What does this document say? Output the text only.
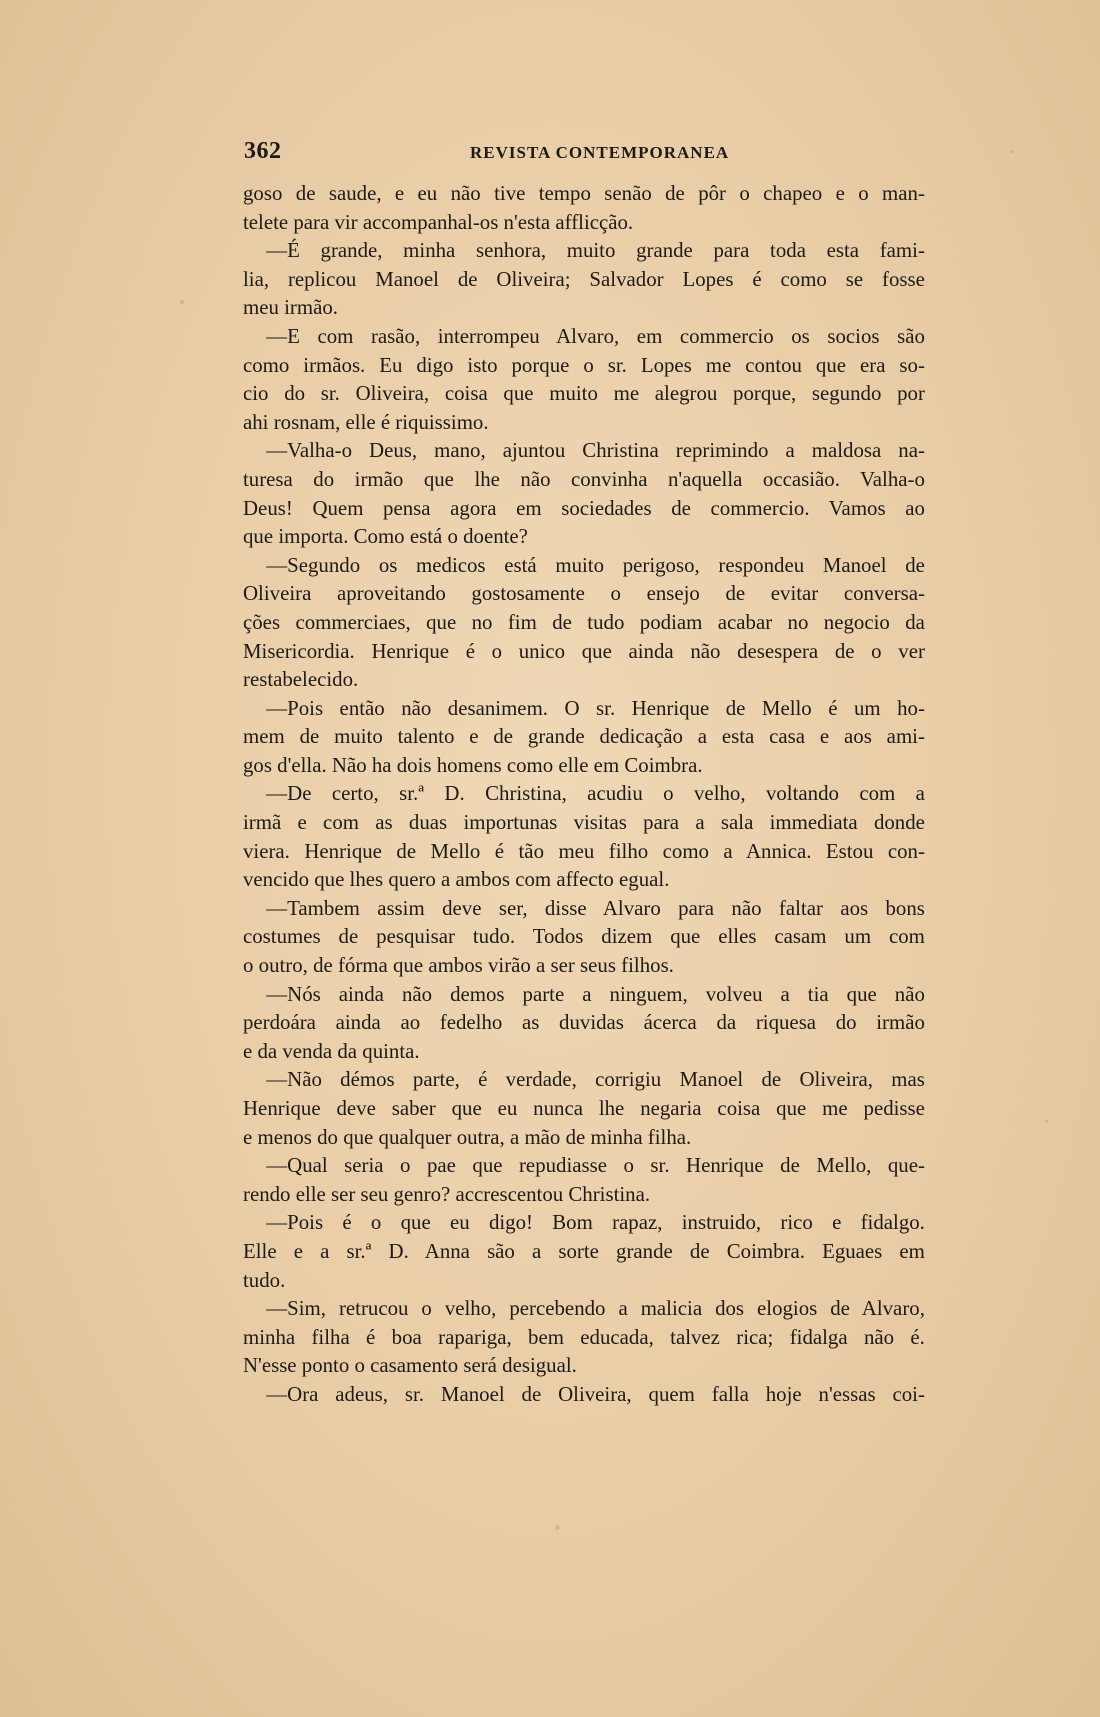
362	REVISTA CONTEMPORANEA
goso de saude, e eu não tive tempo senão de pôr o chapeo e o man-
telete para vir accompanhal-os n'esta afflicção.
—É grande, minha senhora, muito grande para toda esta fami-
lia, replicou Manoel de Oliveira; Salvador Lopes é como se fosse
meu irmão.
—E com rasão, interrompeu Alvaro, em commercio os socios são
como irmãos. Eu digo isto porque o sr. Lopes me contou que era so-
cio do sr. Oliveira, coisa que muito me alegrou porque, segundo por
ahi rosnam, elle é riquissimo.
—Valha-o Deus, mano, ajuntou Christina reprimindo a maldosa na-
turesa do irmão que lhe não convinha n'aquella occasião. Valha-o
Deus! Quem pensa agora em sociedades de commercio. Vamos ao
que importa. Como está o doente?
—Segundo os medicos está muito perigoso, respondeu Manoel de
Oliveira aproveitando gostosamente o ensejo de evitar conversa-
ções commerciaes, que no fim de tudo podiam acabar no negocio da
Misericordia. Henrique é o unico que ainda não desespera de o ver
restabelecido.
—Pois então não desanimem. O sr. Henrique de Mello é um ho-
mem de muito talento e de grande dedicação a esta casa e aos ami-
gos d'ella. Não ha dois homens como elle em Coimbra.
—De certo, sr.ª D. Christina, acudiu o velho, voltando com a
irmã e com as duas importunas visitas para a sala immediata donde
viera. Henrique de Mello é tão meu filho como a Annica. Estou con-
vencido que lhes quero a ambos com affecto egual.
—Tambem assim deve ser, disse Alvaro para não faltar aos bons
costumes de pesquisar tudo. Todos dizem que elles casam um com
o outro, de fórma que ambos virão a ser seus filhos.
—Nós ainda não demos parte a ninguem, volveu a tia que não
perdoára ainda ao fedelho as duvidas ácerca da riquesa do irmão
e da venda da quinta.
—Não démos parte, é verdade, corrigiu Manoel de Oliveira, mas
Henrique deve saber que eu nunca lhe negaria coisa que me pedisse
e menos do que qualquer outra, a mão de minha filha.
—Qual seria o pae que repudiasse o sr. Henrique de Mello, que-
rendo elle ser seu genro? accrescentou Christina.
—Pois é o que eu digo! Bom rapaz, instruido, rico e fidalgo.
Elle e a sr.ª D. Anna são a sorte grande de Coimbra. Eguaes em
tudo.
—Sim, retrucou o velho, percebendo a malicia dos elogios de Alvaro,
minha filha é boa rapariga, bem educada, talvez rica; fidalga não é.
N'esse ponto o casamento será desigual.
—Ora adeus, sr. Manoel de Oliveira, quem falla hoje n'essas coi-
